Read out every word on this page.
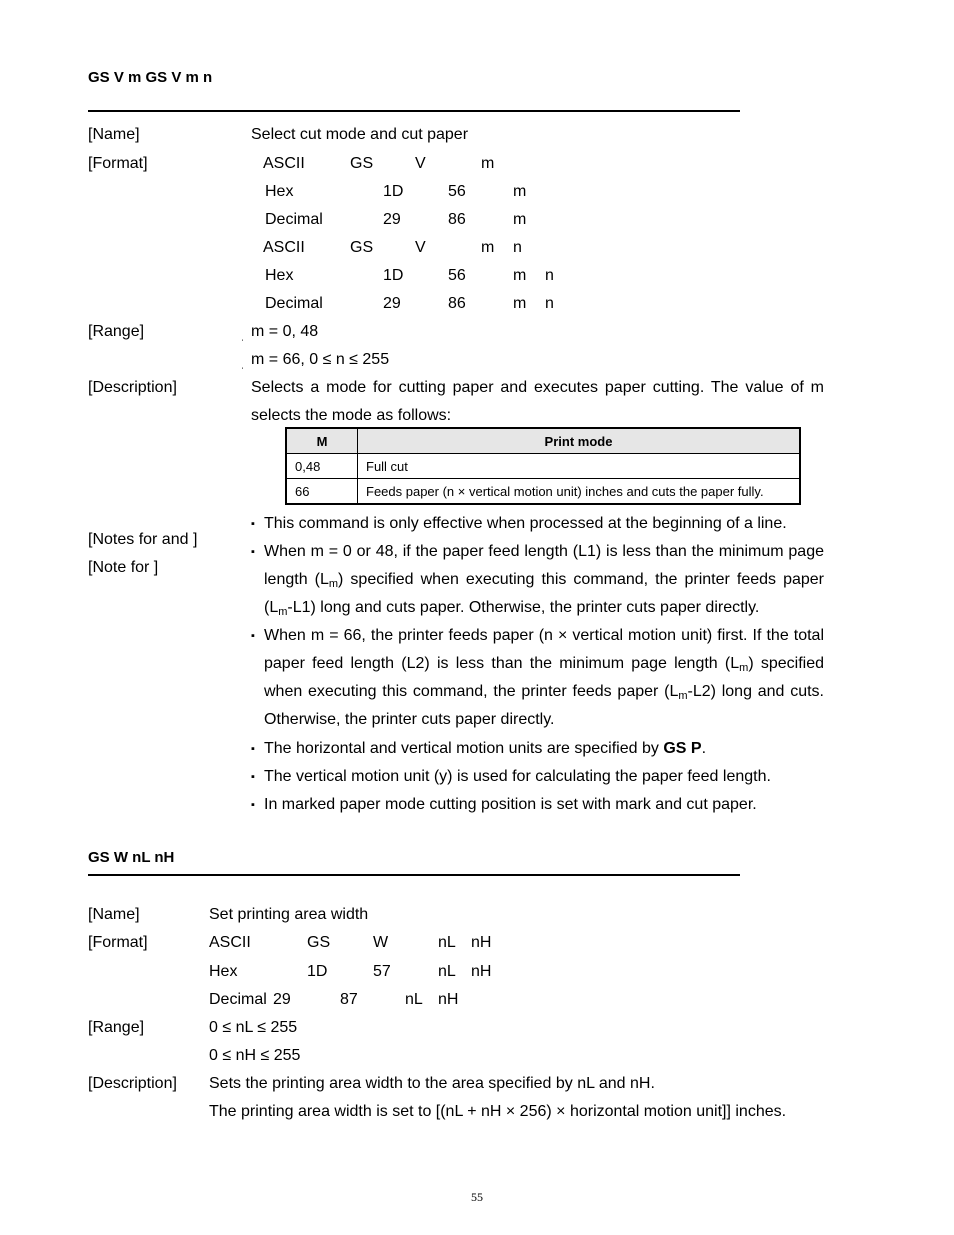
GS V m GS V m n
[Name]	Select cut mode and cut paper
[Format]	ASCII	GS	V	m
Hex	1D	56	m
Decimal	29	86	m
ASCII	GS	V	m n
Hex	1D	56	m n
Decimal	29	86	m n
[Range]	ˌ m = 0, 48
ˌ m = 66, 0 ≤ n ≤ 255
[Description]	Selects a mode for cutting paper and executes paper cutting. The value of m
selects the mode as follows:
M	Print mode
0,48	Full cut
66	Feeds paper (n × vertical motion unit) inches and cuts the paper fully.
[Notes for and ]
[Note for ]
▪ This command is only effective when processed at the beginning of a line.
▪ When m = 0 or 48, if the paper feed length (L1) is less than the minimum page
length $(L_m)$ specified when executing this command, the printer feeds paper
$(L_m-L1)$ long and cuts paper. Otherwise, the printer cuts paper directly.
▪ When m = 66, the printer feeds paper (n × vertical motion unit) first. If the total
paper feed length (L2) is less than the minimum page length $(L_m)$ specified
when executing this command, the printer feeds paper $(L_m-L2)$ long and cuts.
Otherwise, the printer cuts paper directly.
▪ The horizontal and vertical motion units are specified by GS P.
▪ The vertical motion unit (y) is used for calculating the paper feed length.
▪ In marked paper mode cutting position is set with mark and cut paper.
GS W nL nH
[Name]	Set printing area width
[Format]	ASCII	GS	W	nL nH
Hex	1D	57	nL nH
Decimal 29	87	nL nH
[Range]	0 ≤ nL ≤ 255
0 ≤ nH ≤ 255
[Description] Sets the printing area width to the area specified by nL and nH.
The printing area width is set to [(nL + nH × 256) × horizontal motion unit]] inches.
55
